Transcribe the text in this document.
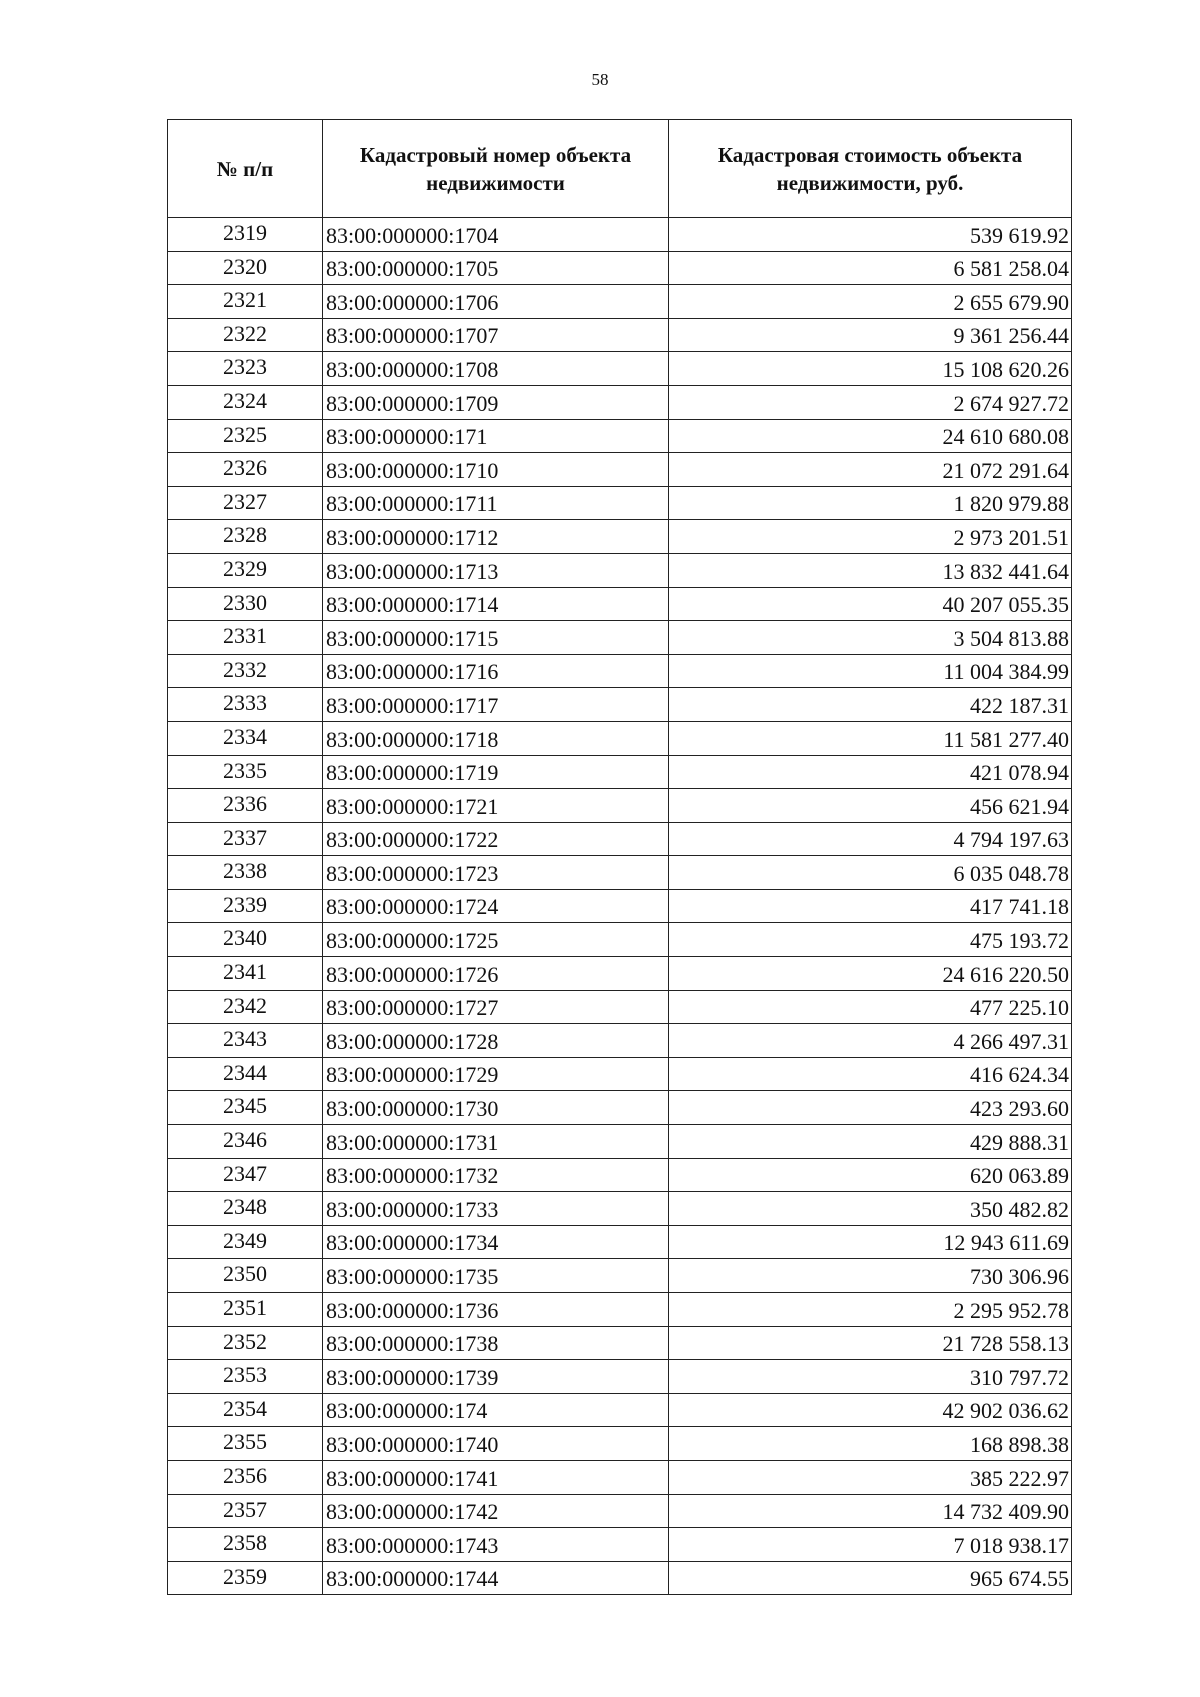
58
№ п/п	Кадастровый номер объекта недвижимости	Кадастровая стоимость объекта недвижимости, руб.
2319	83:00:000000:1704	539 619.92
2320	83:00:000000:1705	6 581 258.04
2321	83:00:000000:1706	2 655 679.90
2322	83:00:000000:1707	9 361 256.44
2323	83:00:000000:1708	15 108 620.26
2324	83:00:000000:1709	2 674 927.72
2325	83:00:000000:171	24 610 680.08
2326	83:00:000000:1710	21 072 291.64
2327	83:00:000000:1711	1 820 979.88
2328	83:00:000000:1712	2 973 201.51
2329	83:00:000000:1713	13 832 441.64
2330	83:00:000000:1714	40 207 055.35
2331	83:00:000000:1715	3 504 813.88
2332	83:00:000000:1716	11 004 384.99
2333	83:00:000000:1717	422 187.31
2334	83:00:000000:1718	11 581 277.40
2335	83:00:000000:1719	421 078.94
2336	83:00:000000:1721	456 621.94
2337	83:00:000000:1722	4 794 197.63
2338	83:00:000000:1723	6 035 048.78
2339	83:00:000000:1724	417 741.18
2340	83:00:000000:1725	475 193.72
2341	83:00:000000:1726	24 616 220.50
2342	83:00:000000:1727	477 225.10
2343	83:00:000000:1728	4 266 497.31
2344	83:00:000000:1729	416 624.34
2345	83:00:000000:1730	423 293.60
2346	83:00:000000:1731	429 888.31
2347	83:00:000000:1732	620 063.89
2348	83:00:000000:1733	350 482.82
2349	83:00:000000:1734	12 943 611.69
2350	83:00:000000:1735	730 306.96
2351	83:00:000000:1736	2 295 952.78
2352	83:00:000000:1738	21 728 558.13
2353	83:00:000000:1739	310 797.72
2354	83:00:000000:174	42 902 036.62
2355	83:00:000000:1740	168 898.38
2356	83:00:000000:1741	385 222.97
2357	83:00:000000:1742	14 732 409.90
2358	83:00:000000:1743	7 018 938.17
2359	83:00:000000:1744	965 674.55
